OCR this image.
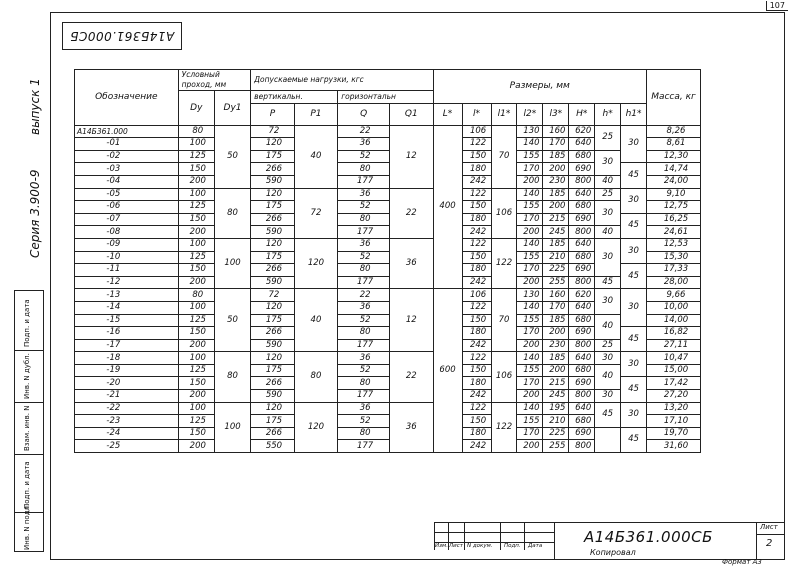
107
A14Б361.000CБ
Серия 3.900-9
выпуск 1
Подп. и дата
Инв. N дубл.
Взам. инв. N
Подп. и дата
Инв. N подл.
Обозначение	Условный проход, мм		Допускаемые нагрузки, кгс				Размеры, мм								Масса, кг
	Dy	Dy1	вертикальн.		горизонтальн										
			P	P1	Q	Q1	L*	l*	l1*	l2*	l3*	H*	h*	h1*	
A14Б361.000	80	50	72	40	22	12	400	106	70	130	160	620	25	30	8,26
-01	100		120		36			122		140	170	640			8,61
-02	125		175		52			150		155	185	680	30		12,30
-03	150		266		80			180		170	200	690		45	14,74
-04	200		590		177			242		200	230	800	40		24,00
-05	100	80	120	72	36	22		122	106	140	185	640	25	30	9,10
-06	125		175		52			150		155	200	680	30		12,75
-07	150		266		80			180		170	215	690		45	16,25
-08	200		590		177			242		200	245	800	40		24,61
-09	100	100	120	120	36	36		122	122	140	185	640	30	30	12,53
-10	125		175		52			150		155	210	680			15,30
-11	150		266		80			180		170	225	690		45	17,33
-12	200		590		177			242		200	255	800	45		28,00
-13	80	50	72	40	22	12	600	106	70	130	160	620	30	30	9,66
-14	100		120		36			122		140	170	640			10,00
-15	125		175		52			150		155	185	680	40		14,00
-16	150		266		80			180		170	200	690		45	16,82
-17	200		590		177			242		200	230	800	25		27,11
-18	100	80	120	80	36	22		122	106	140	185	640	30	30	10,47
-19	125		175		52			150		155	200	680	40		15,00
-20	150		266		80			180		170	215	690		45	17,42
-21	200		590		177			242		200	245	800	30		27,20
-22	100	100	120	120	36	36		122	122	140	195	640	45	30	13,20
-23	125		175		52			150		155	210	680			17,10
-24	150		266		80			180		170	225	690		45	19,70
-25	200		550		177			242		200	255	800			31,60
Изм. Лист N докум. Подп. Дата	A14Б361.000CБ
Лист
2
Копировал
Формат A3
